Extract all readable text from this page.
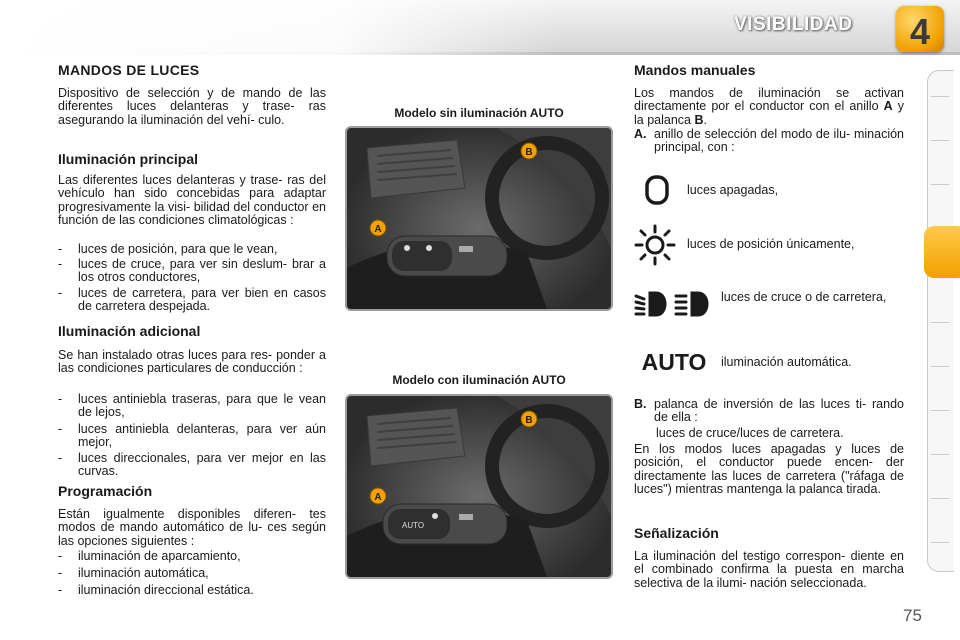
VISIBILIDAD	4
MANDOS DE LUCES
Dispositivo de selección y de mando de las diferentes luces delanteras y trase- ras asegurando la iluminación del vehí- culo.
Iluminación principal
Las diferentes luces delanteras y trase- ras del vehículo han sido concebidas para adaptar progresivamente la visi- bilidad del conductor en función de las condiciones climatológicas :
-	luces de posición, para que le vean,
-	luces de cruce, para ver sin deslum- brar a los otros conductores,
-	luces de carretera, para ver bien en casos de carretera despejada.
Iluminación adicional
Se han instalado otras luces para res- ponder a las condiciones particulares de conducción :
-	luces antiniebla traseras, para que le vean de lejos,
-	luces antiniebla delanteras, para ver aún mejor,
-	luces direccionales, para ver mejor en las curvas.
Programación
Están igualmente disponibles diferen- tes modos de mando automático de lu- ces según las opciones siguientes :
-	iluminación de aparcamiento,
-	iluminación automática,
-	iluminación direccional estática.
Modelo sin iluminación AUTO
A
B
Modelo con iluminación AUTO
AUTO
A
B
Mandos manuales
Los mandos de iluminación se activan directamente por el conductor con el anillo A y la palanca B.
A. anillo de selección del modo de ilu- minación principal, con :
luces apagadas,
luces de posición únicamente,
luces de cruce o de carretera,
AUTO iluminación automática.
B. palanca de inversión de las luces ti- rando de ella :
luces de cruce/luces de carretera.
En los modos luces apagadas y luces de posición, el conductor puede encen- der directamente las luces de carretera ("ráfaga de luces") mientras mantenga la palanca tirada.
Señalización
La iluminación del testigo correspon- diente en el combinado confirma la puesta en marcha selectiva de la ilumi- nación seleccionada.
75
